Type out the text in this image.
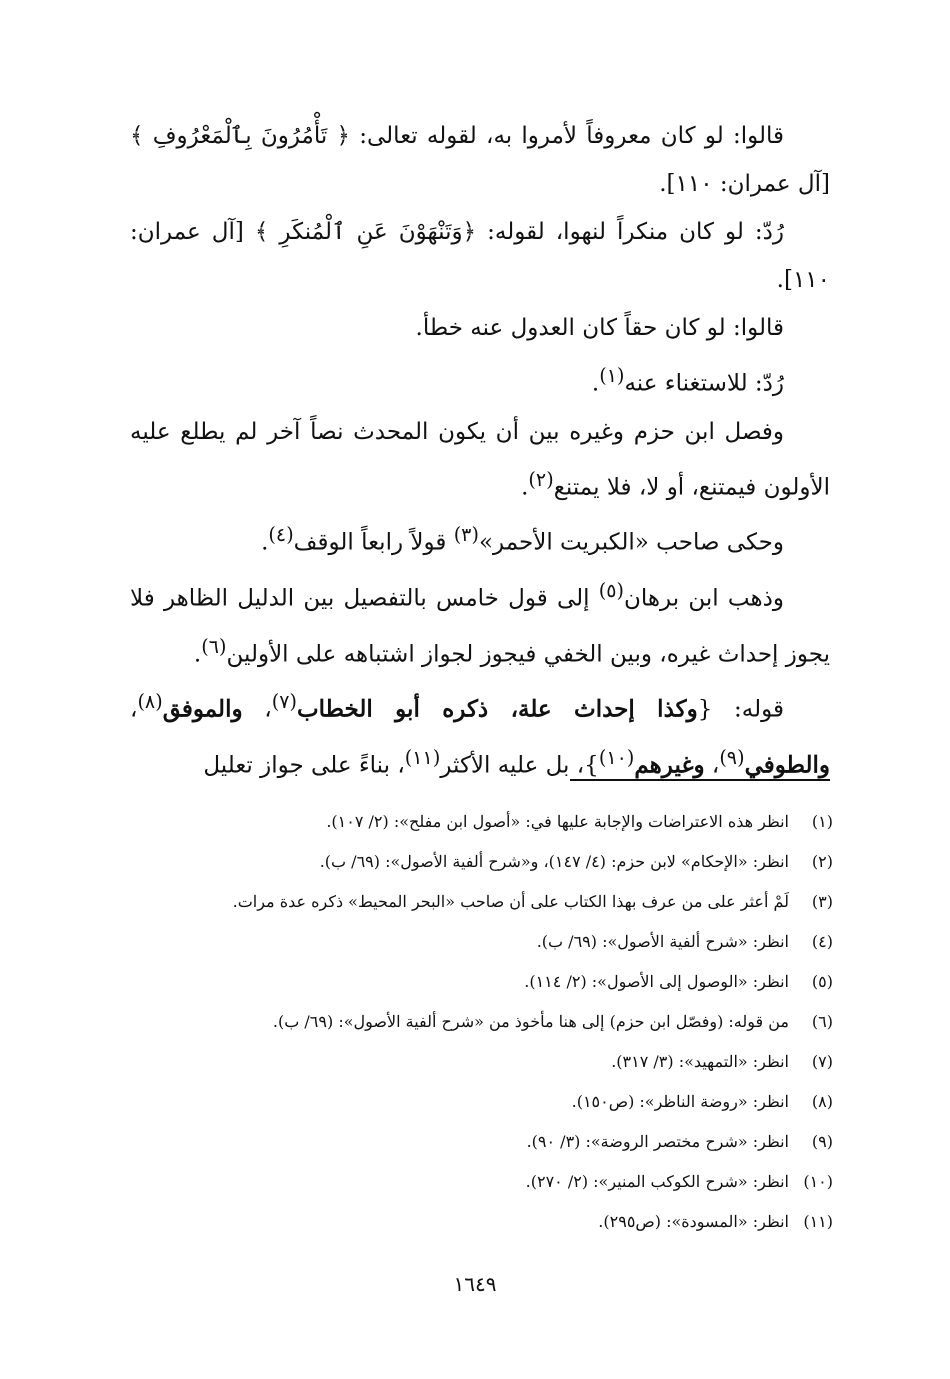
قالوا: لو كان معروفاً لأمروا به، لقوله تعالى: ﴿ تَأْمُرُونَ بِٱلْمَعْرُوفِ ﴾ [آل عمران: ١١٠].

رُدّ: لو كان منكراً لنهوا، لقوله: ﴿وَتَنْهَوْنَ عَنِ ٱلْمُنكَرِ ﴾ [آل عمران: ١١٠].

قالوا: لو كان حقاً كان العدول عنه خطأ.

رُدّ: للاستغناء عنه$^{(١)}$.

وفصل ابن حزم وغيره بين أن يكون المحدث نصاً آخر لم يطلع عليه الأولون فيمتنع، أو لا، فلا يمتنع$^{(٢)}$.

وحكى صاحب «الكبريت الأحمر»$^{(٣)}$ قولاً رابعاً الوقف$^{(٤)}$.

وذهب ابن برهان$^{(٥)}$ إلى قول خامس بالتفصيل بين الدليل الظاهر فلا يجوز إحداث غيره، وبين الخفي فيجوز لجواز اشتباهه على الأولين$^{(٦)}$.

قوله: {وكذا إحداث علة، ذكره أبو الخطاب$^{(٧)}$، والموفق$^{(٨)}$، والطوفي$^{(٩)}$، وغيرهم$^{(١٠)}$}، بل عليه الأكثر$^{(١١)}$، بناءً على جواز تعليل

(١)
انظر هذه الاعتراضات والإجابة عليها في: «أصول ابن مفلح»: (٢/ ١٠٧).
(٢)
انظر: «الإحكام» لابن حزم: (٤/ ١٤٧)، و«شرح ألفية الأصول»: (٦٩/ ب).
(٣)
لَمْ أعثر على من عرف بهذا الكتاب على أن صاحب «البحر المحيط» ذكره عدة مرات.
(٤)
انظر: «شرح ألفية الأصول»: (٦٩/ ب).
(٥)
انظر: «الوصول إلى الأصول»: (٢/ ١١٤).
(٦)
من قوله: (وفصّل ابن حزم) إلى هنا مأخوذ من «شرح ألفية الأصول»: (٦٩/ ب).
(٧)
انظر: «التمهيد»: (٣/ ٣١٧).
(٨)
انظر: «روضة الناظر»: (ص١٥٠).
(٩)
انظر: «شرح مختصر الروضة»: (٣/ ٩٠).
(١٠)
انظر: «شرح الكوكب المنير»: (٢/ ٢٧٠).
(١١)
انظر: «المسودة»: (ص٢٩٥).
١٦٤٩
